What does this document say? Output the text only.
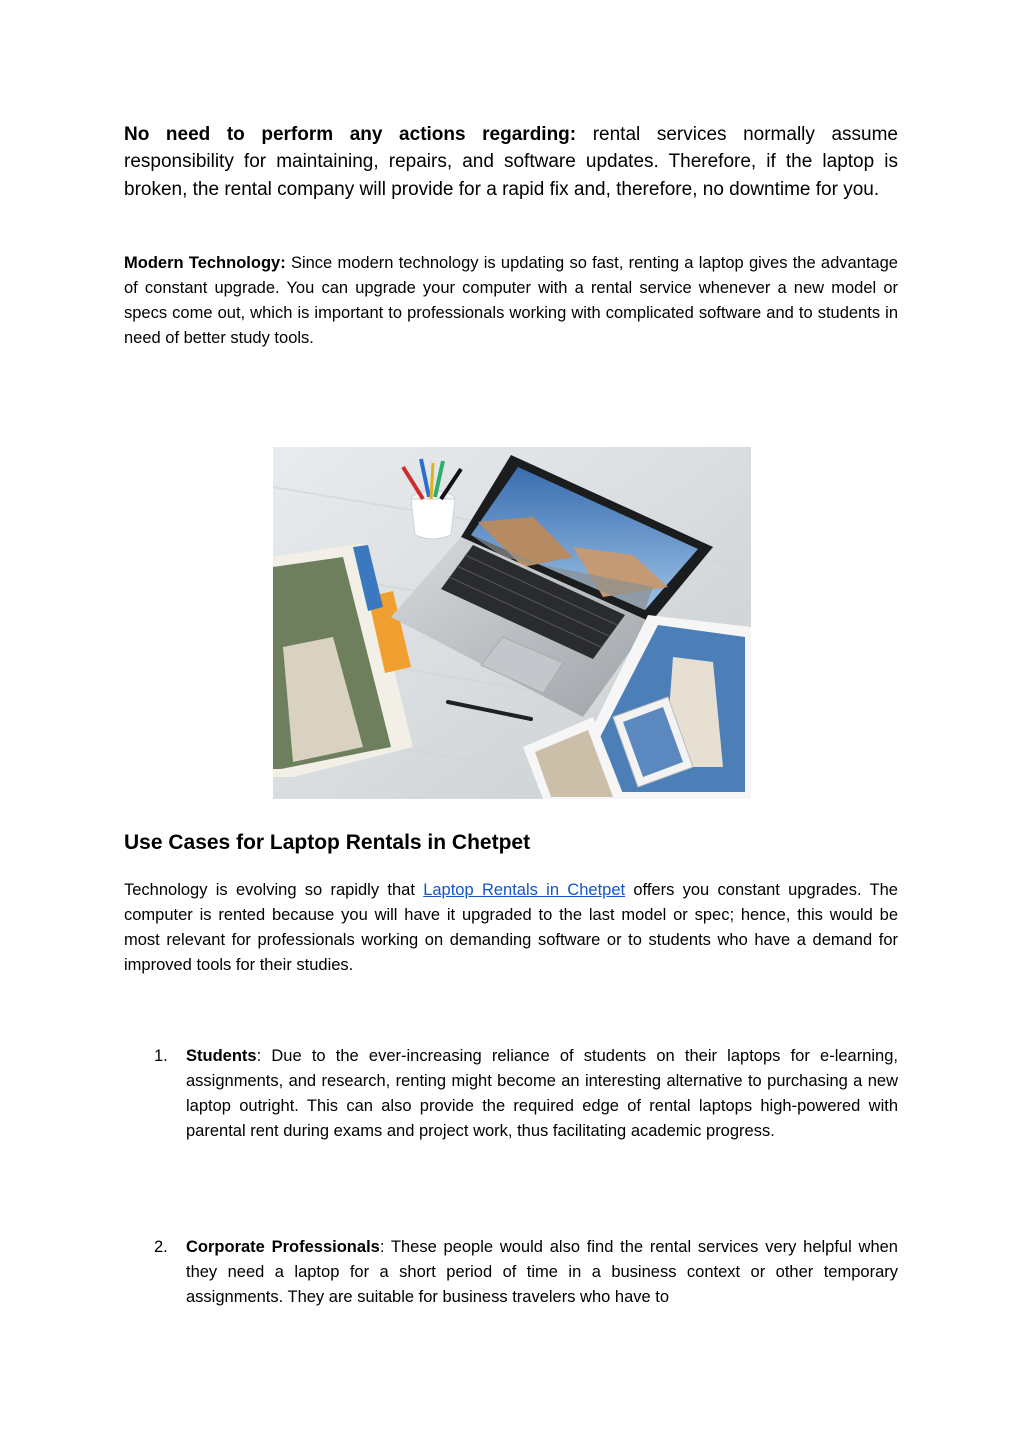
No need to perform any actions regarding: rental services normally assume responsibility for maintaining, repairs, and software updates. Therefore, if the laptop is broken, the rental company will provide for a rapid fix and, therefore, no downtime for you.

Modern Technology: Since modern technology is updating so fast, renting a laptop gives the advantage of constant upgrade. You can upgrade your computer with a rental service whenever a new model or specs come out, which is important to professionals working with complicated software and to students in need of better study tools.

Use Cases for Laptop Rentals in Chetpet

Technology is evolving so rapidly that Laptop Rentals in Chetpet offers you constant upgrades. The computer is rented because you will have it upgraded to the last model or spec; hence, this would be most relevant for professionals working on demanding software or to students who have a demand for improved tools for their studies.

1. Students: Due to the ever-increasing reliance of students on their laptops for e-learning, assignments, and research, renting might become an interesting alternative to purchasing a new laptop outright. This can also provide the required edge of rental laptops high-powered with parental rent during exams and project work, thus facilitating academic progress.

2. Corporate Professionals: These people would also find the rental services very helpful when they need a laptop for a short period of time in a business context or other temporary assignments. They are suitable for business travelers who have to
